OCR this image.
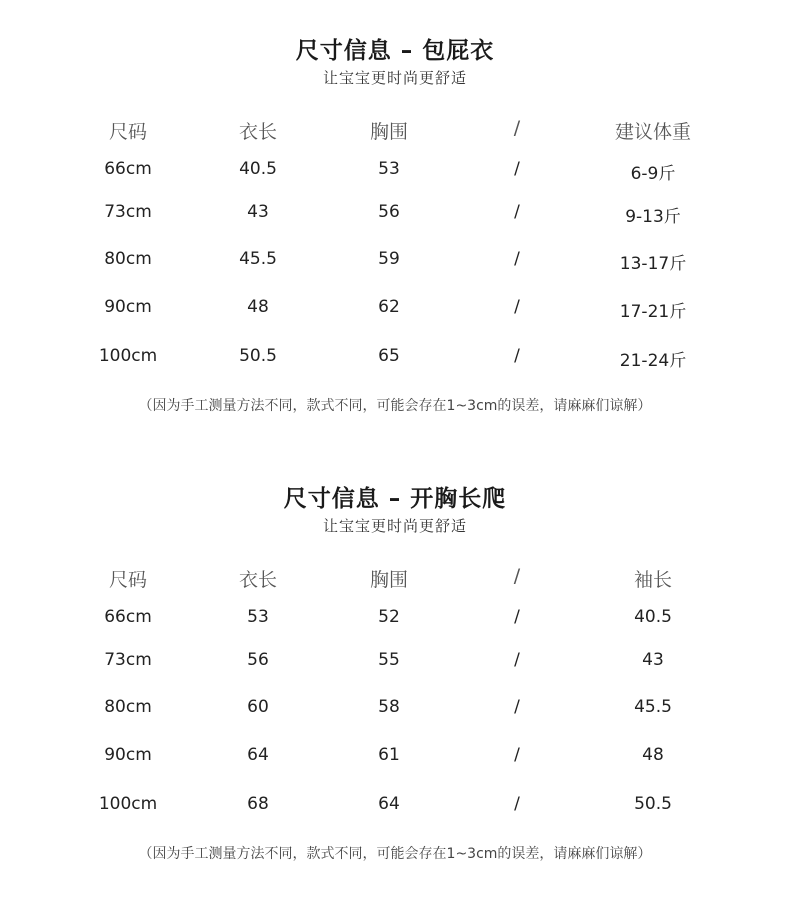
尺寸信息 – 包屁衣
让宝宝更时尚更舒适
尺码	衣长	胸围	/	建议体重
66cm	40.5	53	/	6-9斤
73cm	43	56	/	9-13斤
80cm	45.5	59	/	13-17斤
90cm	48	62	/	17-21斤
100cm	50.5	65	/	21-24斤
（因为手工测量方法不同，款式不同，可能会存在1~3cm的误差，请麻麻们谅解）
尺寸信息 – 开胸长爬
让宝宝更时尚更舒适
尺码	衣长	胸围	/	袖长
66cm	53	52	/	40.5
73cm	56	55	/	43
80cm	60	58	/	45.5
90cm	64	61	/	48
100cm	68	64	/	50.5
（因为手工测量方法不同，款式不同，可能会存在1~3cm的误差，请麻麻们谅解）
